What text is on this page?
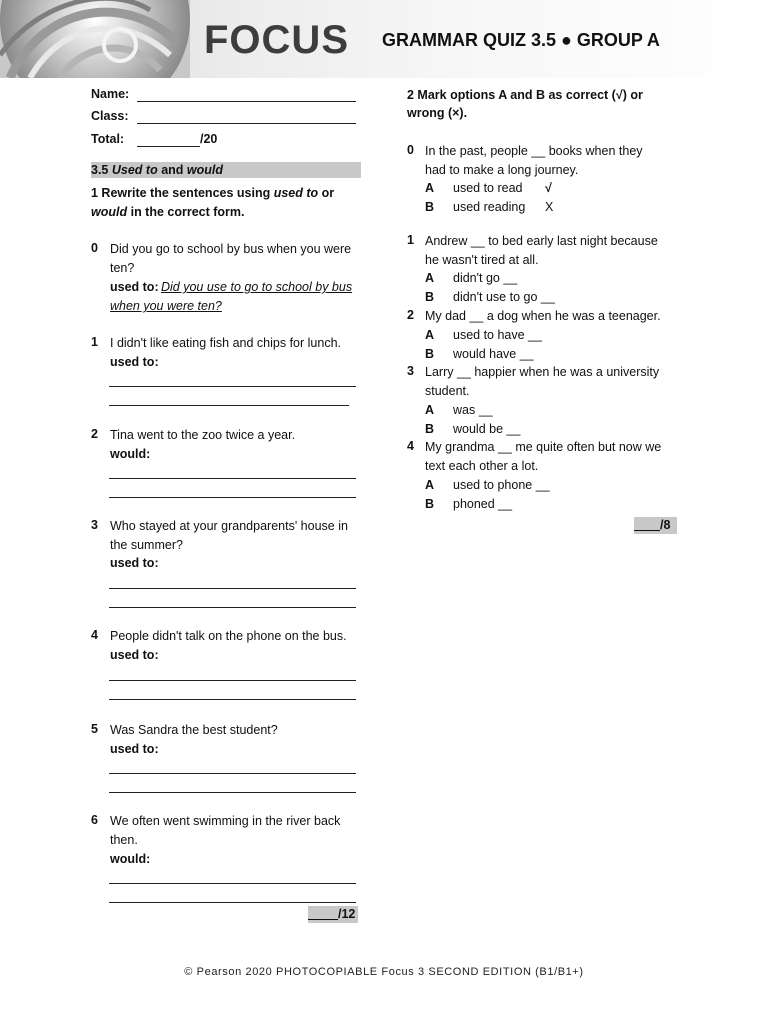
FOCUS GRAMMAR QUIZ 3.5 ● GROUP A
Name:
Class:
Total:	/20
3.5 Used to and would
1 Rewrite the sentences using used to or
would in the correct form.
0 Did you go to school by bus when you were
ten?
used to: Did you use to go to school by bus
when you were ten?
1 I didn't like eating fish and chips for lunch.
used to:
2 Tina went to the zoo twice a year.
would:
3 Who stayed at your grandparents' house in
the summer?
used to:
4 People didn't talk on the phone on the bus.
used to:
5 Was Sandra the best student?
used to:
6 We often went swimming in the river back
then.
would:
/12
2 Mark options A and B as correct (√) or
wrong (×).
0 In the past, people __ books when they
had to make a long journey.
A used to read √
B used reading X
1 Andrew __ to bed early last night because
he wasn't tired at all.
A didn't go __
B didn't use to go __
2 My dad __ a dog when he was a teenager.
A used to have __
B would have __
3 Larry __ happier when he was a university
student.
A was __
B would be __
4 My grandma __ me quite often but now we
text each other a lot.
A used to phone __
B phoned __
/8
© Pearson 2020 PHOTOCOPIABLE Focus 3 SECOND EDITION (B1/B1+)
